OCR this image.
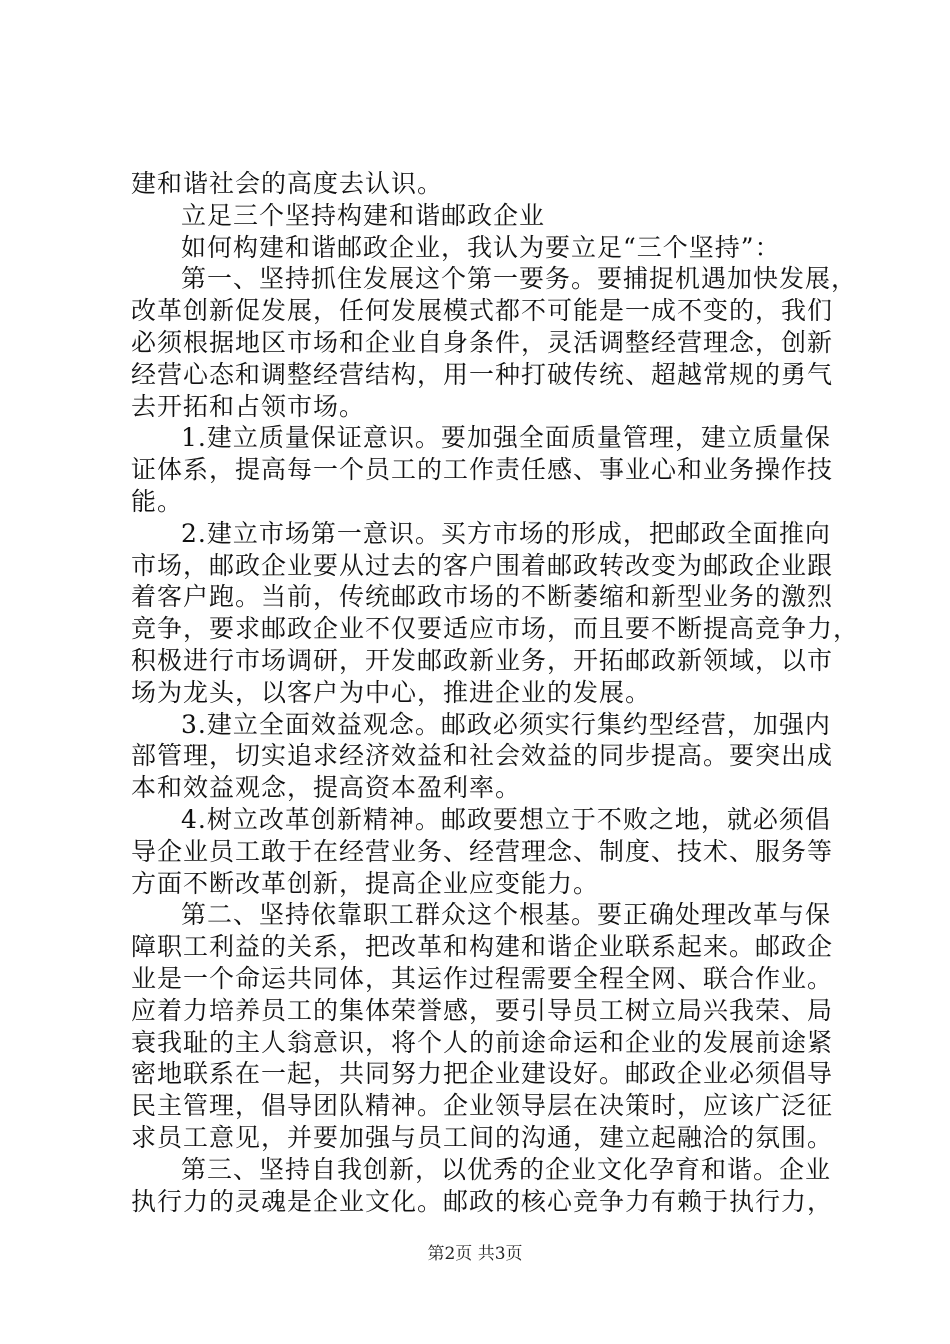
建和谐社会的高度去认识。
立足三个坚持构建和谐邮政企业
如何构建和谐邮政企业，我认为要立足“三个坚持”：
第一、坚持抓住发展这个第一要务。要捕捉机遇加快发展，
改革创新促发展，任何发展模式都不可能是一成不变的，我们
必须根据地区市场和企业自身条件，灵活调整经营理念，创新
经营心态和调整经营结构，用一种打破传统、超越常规的勇气
去开拓和占领市场。
1.建立质量保证意识。要加强全面质量管理，建立质量保
证体系，提高每一个员工的工作责任感、事业心和业务操作技
能。
2.建立市场第一意识。买方市场的形成，把邮政全面推向
市场，邮政企业要从过去的客户围着邮政转改变为邮政企业跟
着客户跑。当前，传统邮政市场的不断萎缩和新型业务的激烈
竞争，要求邮政企业不仅要适应市场，而且要不断提高竞争力，
积极进行市场调研，开发邮政新业务，开拓邮政新领域，以市
场为龙头，以客户为中心，推进企业的发展。
3.建立全面效益观念。邮政必须实行集约型经营，加强内
部管理，切实追求经济效益和社会效益的同步提高。要突出成
本和效益观念，提高资本盈利率。
4.树立改革创新精神。邮政要想立于不败之地，就必须倡
导企业员工敢于在经营业务、经营理念、制度、技术、服务等
方面不断改革创新，提高企业应变能力。
第二、坚持依靠职工群众这个根基。要正确处理改革与保
障职工利益的关系，把改革和构建和谐企业联系起来。邮政企
业是一个命运共同体，其运作过程需要全程全网、联合作业。
应着力培养员工的集体荣誉感，要引导员工树立局兴我荣、局
衰我耻的主人翁意识，将个人的前途命运和企业的发展前途紧
密地联系在一起，共同努力把企业建设好。邮政企业必须倡导
民主管理，倡导团队精神。企业领导层在决策时，应该广泛征
求员工意见，并要加强与员工间的沟通，建立起融洽的氛围。
第三、坚持自我创新，以优秀的企业文化孕育和谐。企业
执行力的灵魂是企业文化。邮政的核心竞争力有赖于执行力，
第2页 共3页
